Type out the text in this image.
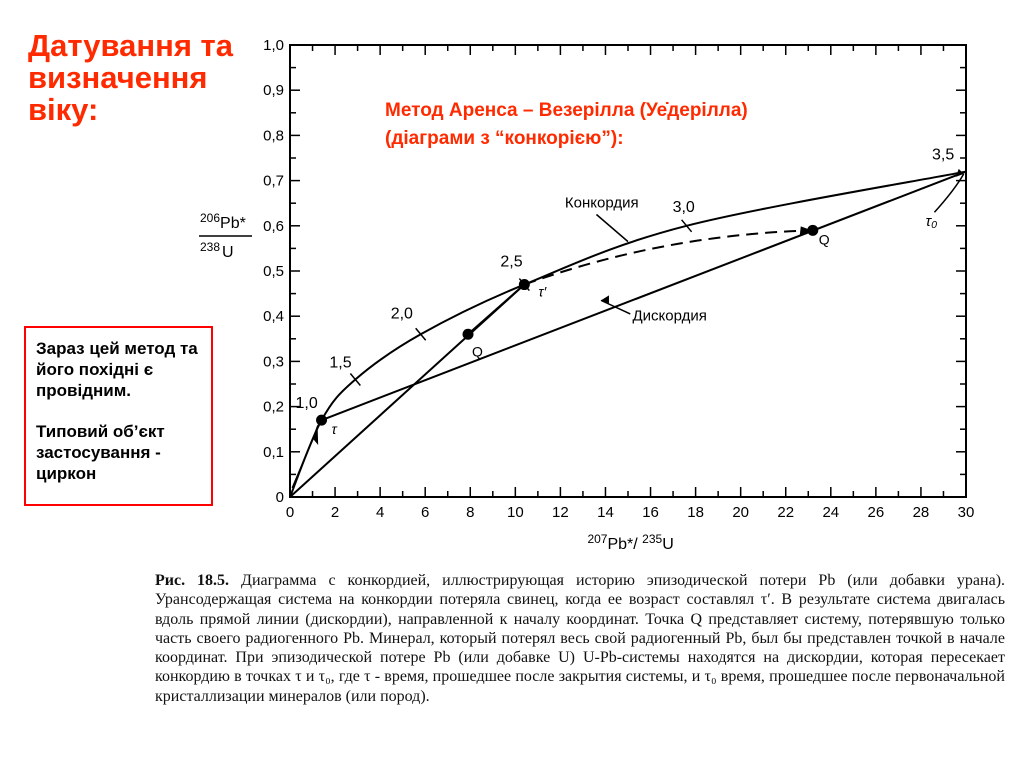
Датування та
визначення
віку:	Метод Аренса – Везерілла (Уе̇дерілла)
(діаграми з “конкорією”):

Зараз цей метод та його похідні є провідним.

Типовий об’єкт застосування - циркон

0 2 4 6 8 10 12 14 16 18 20 22 24 26 28 30
0
0,1
0,2
0,3
0,4
0,5
0,6
0,7
0,8
0,9
1,0
$^{207}$Pb*/ $^{235}$U
$^{206}$Pb*
$^{238}$ U
1,0
1,5
2,0
2,5
3,0
3,5
τ
Q
τ′
Q
Конкордия
Дискордия
τ₀
Рис. 18.5. Диаграмма с конкордией, иллюстрирующая историю эпизодической потери Pb (или добавки урана). Урансодержащая система на конкордии потеряла свинец, когда ее возраст составлял τ′. В результате система двигалась вдоль прямой линии (дискордии), направленной к началу координат. Точка Q представляет систему, потерявшую только часть своего радиогенного Pb. Минерал, который потерял весь свой радиогенный Pb, был бы представлен точкой в начале координат. При эпизодической потере Pb (или добавке U) U-Pb-системы находятся на дискордии, которая пересекает конкордию в точках τ и τ₀, где τ - время, прошедшее после закрытия системы, и τ₀ время, прошедшее после первоначальной кристаллизации минералов (или пород).
